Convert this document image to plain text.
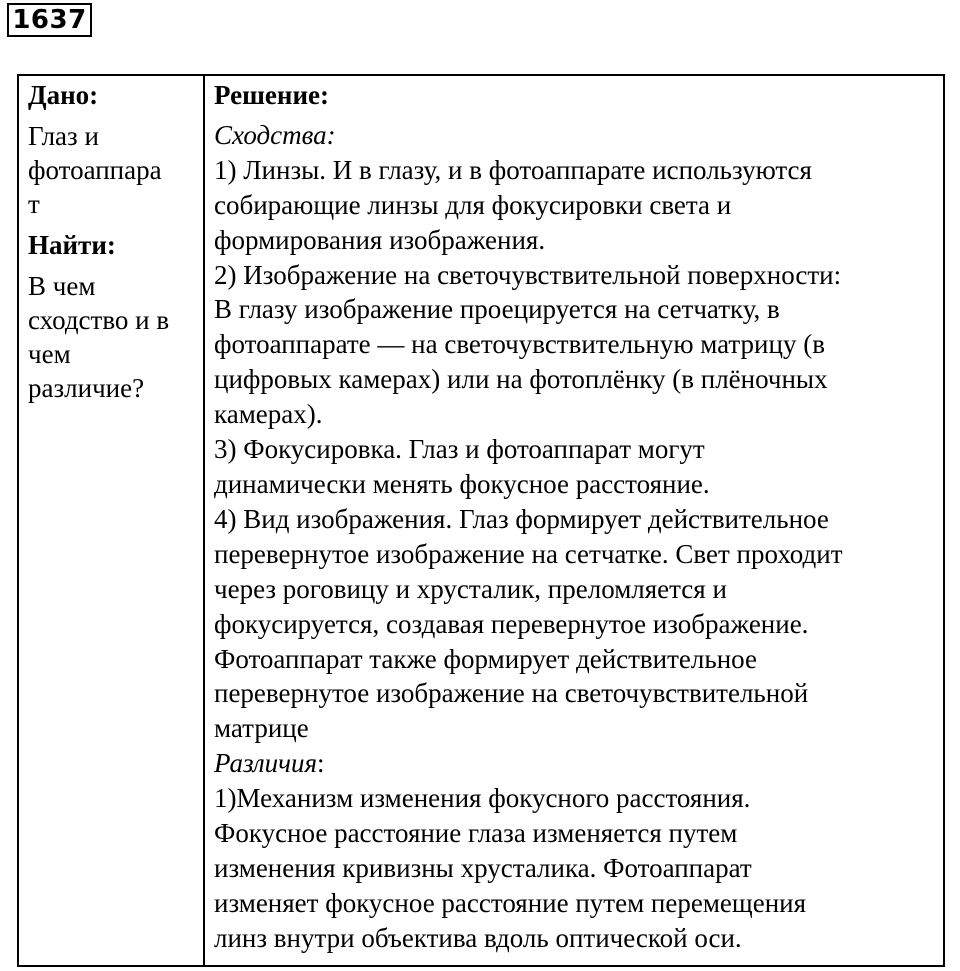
1637
Дано:
Глаз и
фотоаппара
т
Найти:
В чем
сходство и в
чем
различие?
Решение:
Сходства:
1) Линзы. И в глазу, и в фотоаппарате используются
собирающие линзы для фокусировки света и
формирования изображения.
2) Изображение на светочувствительной поверхности:
В глазу изображение проецируется на сетчатку, в
фотоаппарате — на светочувствительную матрицу (в
цифровых камерах) или на фотоплёнку (в плёночных
камерах).
3) Фокусировка. Глаз и фотоаппарат могут
динамически менять фокусное расстояние.
4) Вид изображения. Глаз формирует действительное
перевернутое изображение на сетчатке. Свет проходит
через роговицу и хрусталик, преломляется и
фокусируется, создавая перевернутое изображение.
Фотоаппарат также формирует действительное
перевернутое изображение на светочувствительной
матрице
Различия:
1)Механизм изменения фокусного расстояния.
Фокусное расстояние глаза изменяется путем
изменения кривизны хрусталика. Фотоаппарат
изменяет фокусное расстояние путем перемещения
линз внутри объектива вдоль оптической оси.
